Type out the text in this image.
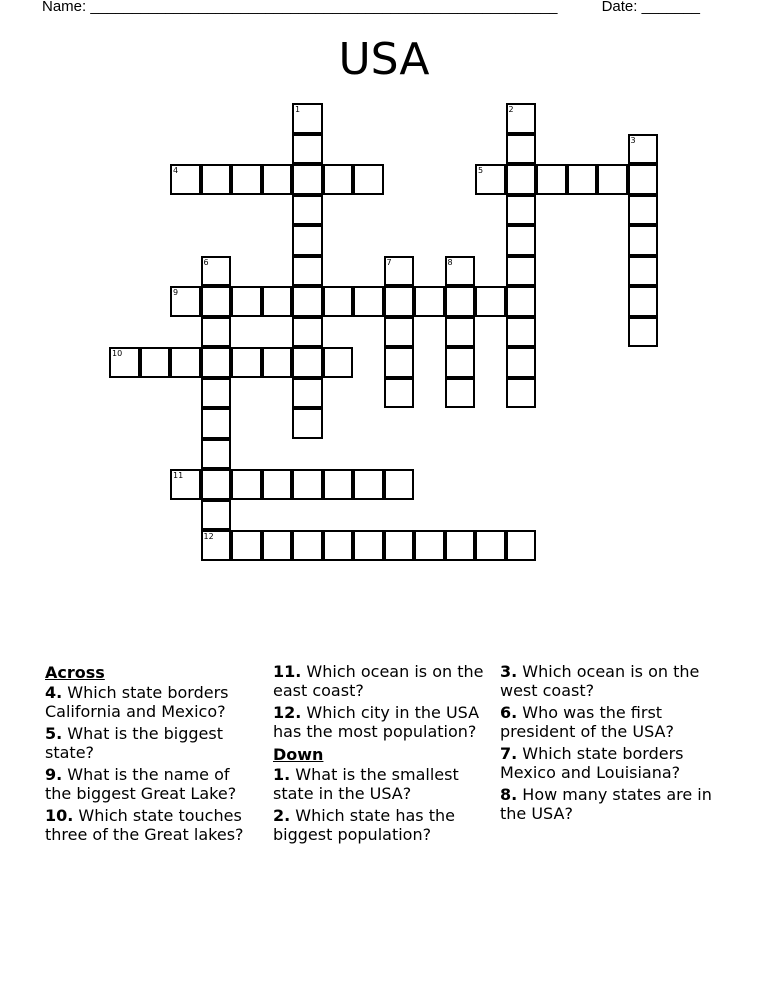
Name: ________________________________________________________	Date: _______
USA
4	5
9
10
11
12
1	2
3
6	7	8
Across
4. Which state borders California and Mexico?
5. What is the biggest state?
9. What is the name of the biggest Great Lake?
10. Which state touches three of the Great lakes?
11. Which ocean is on the east coast?
12. Which city in the USA has the most population?
Down
1. What is the smallest state in the USA?
2. Which state has the biggest population?
3. Which ocean is on the west coast?
6. Who was the first president of the USA?
7. Which state borders Mexico and Louisiana?
8. How many states are in the USA?
